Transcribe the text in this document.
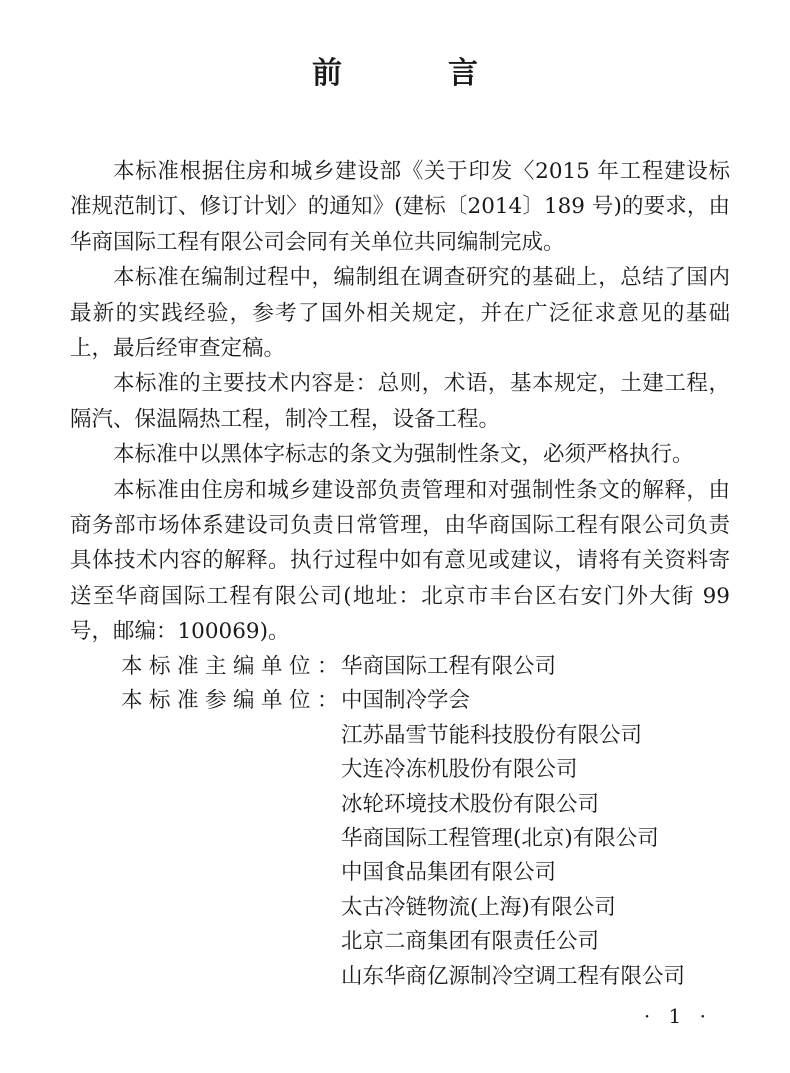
前　言

本标准根据住房和城乡建设部《关于印发〈2015 年工程建设标准规范制订、修订计划〉的通知》(建标〔2014〕189 号)的要求，由华商国际工程有限公司会同有关单位共同编制完成。

本标准在编制过程中，编制组在调查研究的基础上，总结了国内最新的实践经验，参考了国外相关规定，并在广泛征求意见的基础上，最后经审查定稿。

本标准的主要技术内容是：总则，术语，基本规定，土建工程，隔汽、保温隔热工程，制冷工程，设备工程。

本标准中以黑体字标志的条文为强制性条文，必须严格执行。

本标准由住房和城乡建设部负责管理和对强制性条文的解释，由商务部市场体系建设司负责日常管理，由华商国际工程有限公司负责具体技术内容的解释。执行过程中如有意见或建议，请将有关资料寄送至华商国际工程有限公司(地址：北京市丰台区右安门外大街 99 号，邮编：100069)。

本标准主编单位：
华商国际工程有限公司
本标准参编单位：
中国制冷学会
江苏晶雪节能科技股份有限公司
大连冷冻机股份有限公司
冰轮环境技术股份有限公司
华商国际工程管理(北京)有限公司
中国食品集团有限公司
太古冷链物流(上海)有限公司
北京二商集团有限责任公司
山东华商亿源制冷空调工程有限公司
· 1 ·
